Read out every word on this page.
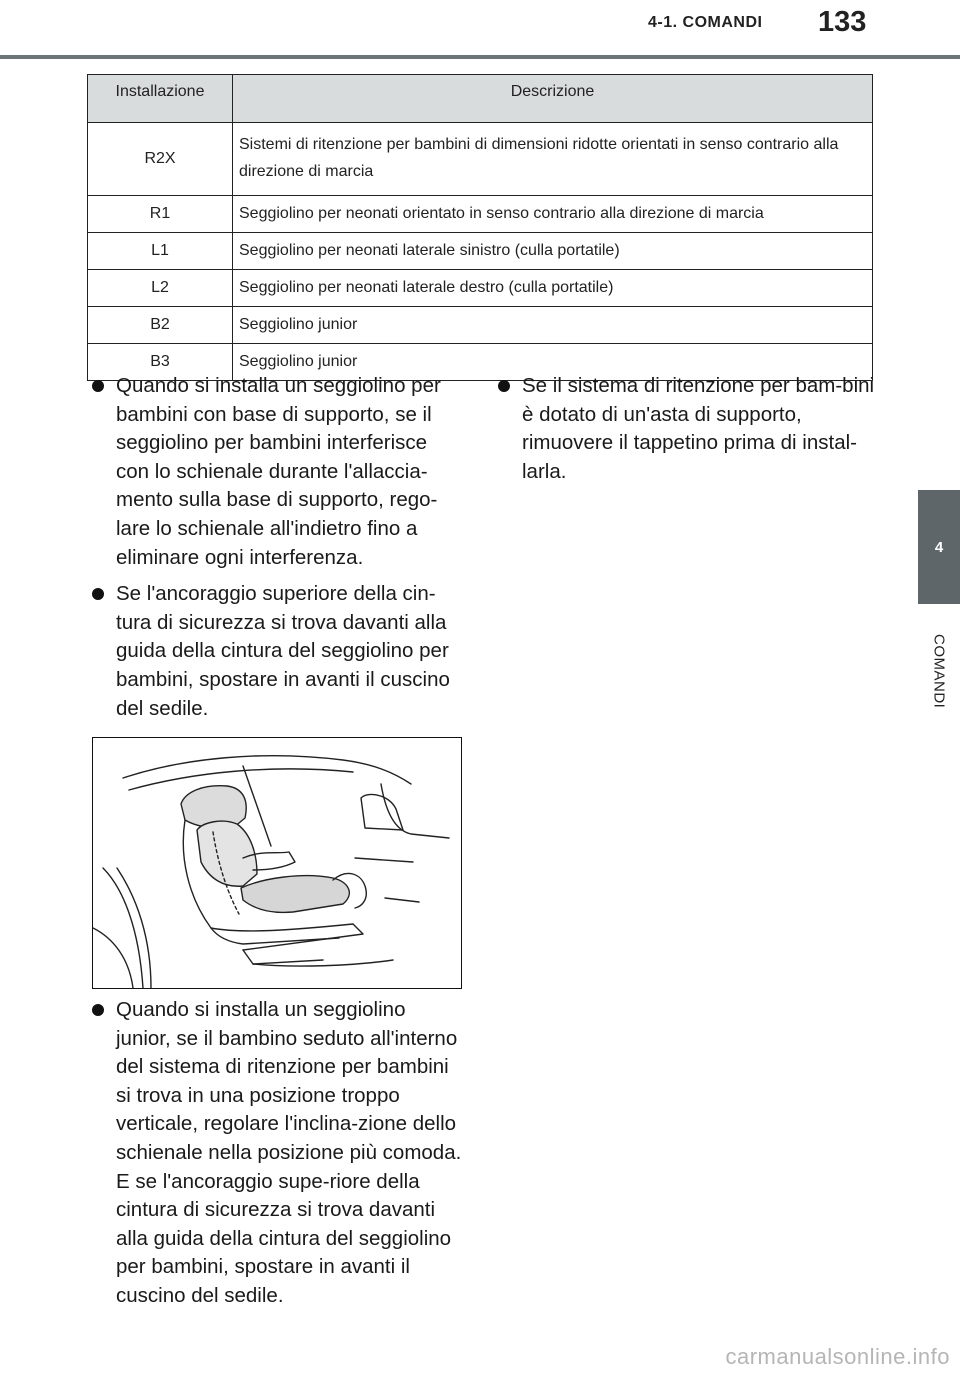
4-1. COMANDI	133
4
COMANDI
Installazione	Descrizione
R2X	Sistemi di ritenzione per bambini di dimensioni ridotte orientati in senso contrario alla direzione di marcia
R1	Seggiolino per neonati orientato in senso contrario alla direzione di marcia
L1	Seggiolino per neonati laterale sinistro (culla portatile)
L2	Seggiolino per neonati laterale destro (culla portatile)
B2	Seggiolino junior
B3	Seggiolino junior

Quando si installa un seggiolino per bambini con base di supporto, se il seggiolino per bambini interferisce con lo schienale durante l'allaccia-mento sulla base di supporto, rego-lare lo schienale all'indietro fino a eliminare ogni interferenza.

Se l'ancoraggio superiore della cin-tura di sicurezza si trova davanti alla guida della cintura del seggiolino per bambini, spostare in avanti il cuscino del sedile.

Se il sistema di ritenzione per bam-bini è dotato di un'asta di supporto, rimuovere il tappetino prima di instal-larla.

Quando si installa un seggiolino junior, se il bambino seduto all'interno del sistema di ritenzione per bambini si trova in una posizione troppo verticale, regolare l'inclina-zione dello schienale nella posizione più comoda. E se l'ancoraggio supe-riore della cintura di sicurezza si trova davanti alla guida della cintura del seggiolino per bambini, spostare in avanti il cuscino del sedile.

carmanualsonline.info
